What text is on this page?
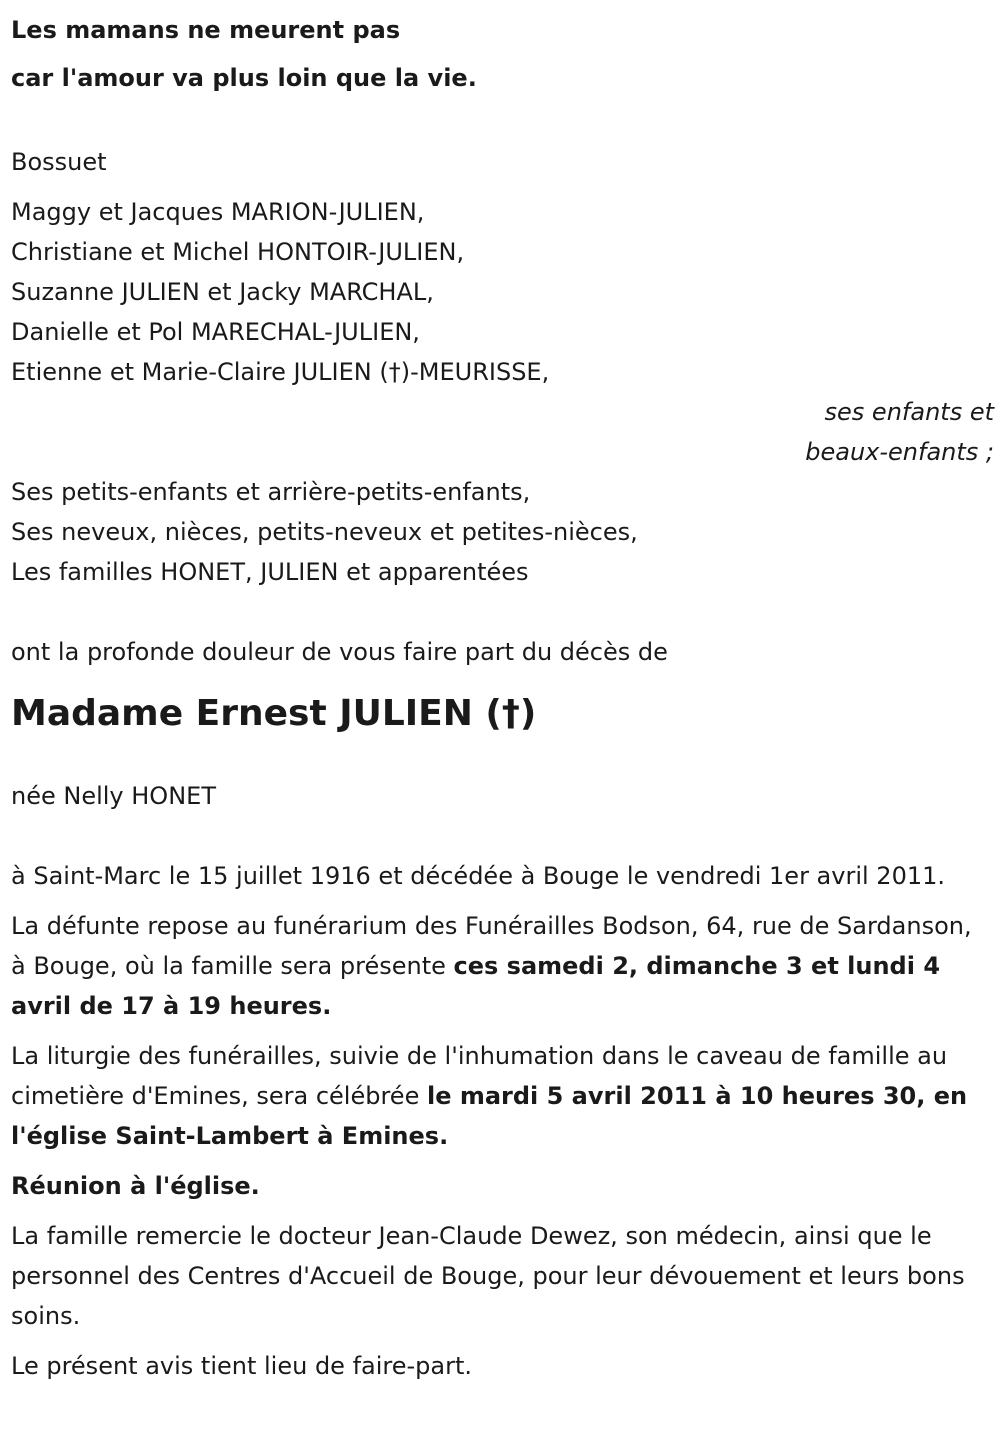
Les mamans ne meurent pas
car l'amour va plus loin que la vie.
Bossuet
Maggy et Jacques MARION-JULIEN,
Christiane et Michel HONTOIR-JULIEN,
Suzanne JULIEN et Jacky MARCHAL,
Danielle et Pol MARECHAL-JULIEN,
Etienne et Marie-Claire JULIEN (†)-MEURISSE,
ses enfants et
beaux-enfants ;
Ses petits-enfants et arrière-petits-enfants,
Ses neveux, nièces, petits-neveux et petites-nièces,
Les familles HONET, JULIEN et apparentées
ont la profonde douleur de vous faire part du décès de
Madame Ernest JULIEN (†)
née Nelly HONET

à Saint-Marc le 15 juillet 1916 et décédée à Bouge le vendredi 1er avril 2011.

La défunte repose au funérarium des Funérailles Bodson, 64, rue de Sardanson, à Bouge, où la famille sera présente ces samedi 2, dimanche 3 et lundi 4 avril de 17 à 19 heures.

La liturgie des funérailles, suivie de l'inhumation dans le caveau de famille au cimetière d'Emines, sera célébrée le mardi 5 avril 2011 à 10 heures 30, en l'église Saint-Lambert à Emines.

Réunion à l'église.

La famille remercie le docteur Jean-Claude Dewez, son médecin, ainsi que le personnel des Centres d'Accueil de Bouge, pour leur dévouement et leurs bons soins.

Le présent avis tient lieu de faire-part.
